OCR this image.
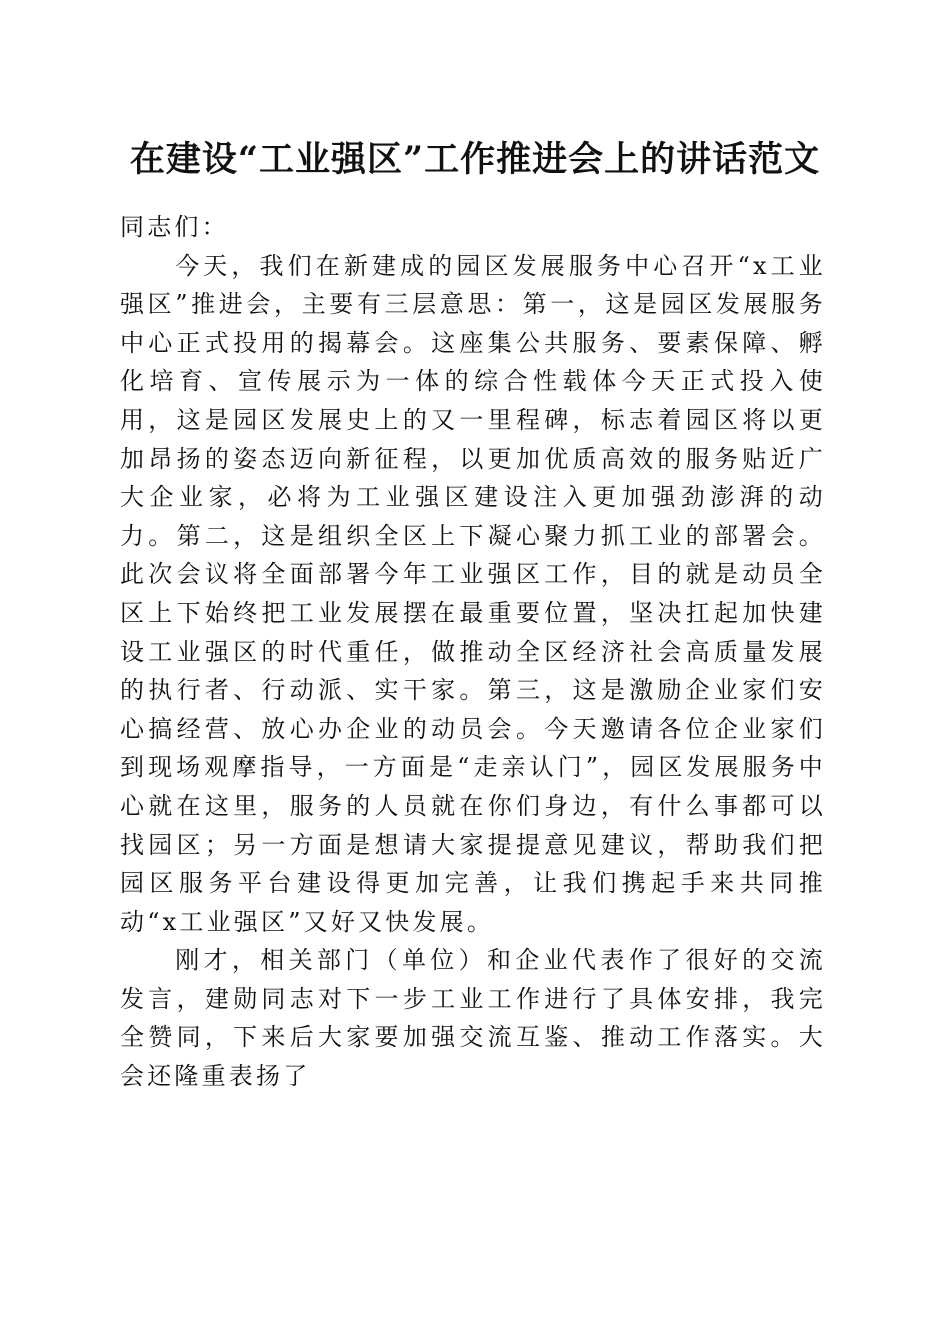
在建设“工业强区”工作推进会上的讲话范文

同志们：

今天，我们在新建成的园区发展服务中心召开“x工业强区”推进会，主要有三层意思：第一，这是园区发展服务中心正式投用的揭幕会。这座集公共服务、要素保障、孵化培育、宣传展示为一体的综合性载体今天正式投入使用，这是园区发展史上的又一里程碑，标志着园区将以更加昂扬的姿态迈向新征程，以更加优质高效的服务贴近广大企业家，必将为工业强区建设注入更加强劲澎湃的动力。第二，这是组织全区上下凝心聚力抓工业的部署会。此次会议将全面部署今年工业强区工作，目的就是动员全区上下始终把工业发展摆在最重要位置，坚决扛起加快建设工业强区的时代重任，做推动全区经济社会高质量发展的执行者、行动派、实干家。第三，这是激励企业家们安心搞经营、放心办企业的动员会。今天邀请各位企业家们到现场观摩指导，一方面是“走亲认门”，园区发展服务中心就在这里，服务的人员就在你们身边，有什么事都可以找园区；另一方面是想请大家提提意见建议，帮助我们把园区服务平台建设得更加完善，让我们携起手来共同推动“x工业强区”又好又快发展。

刚才，相关部门（单位）和企业代表作了很好的交流发言，建勋同志对下一步工业工作进行了具体安排，我完全赞同，下来后大家要加强交流互鉴、推动工作落实。大会还隆重表扬了
